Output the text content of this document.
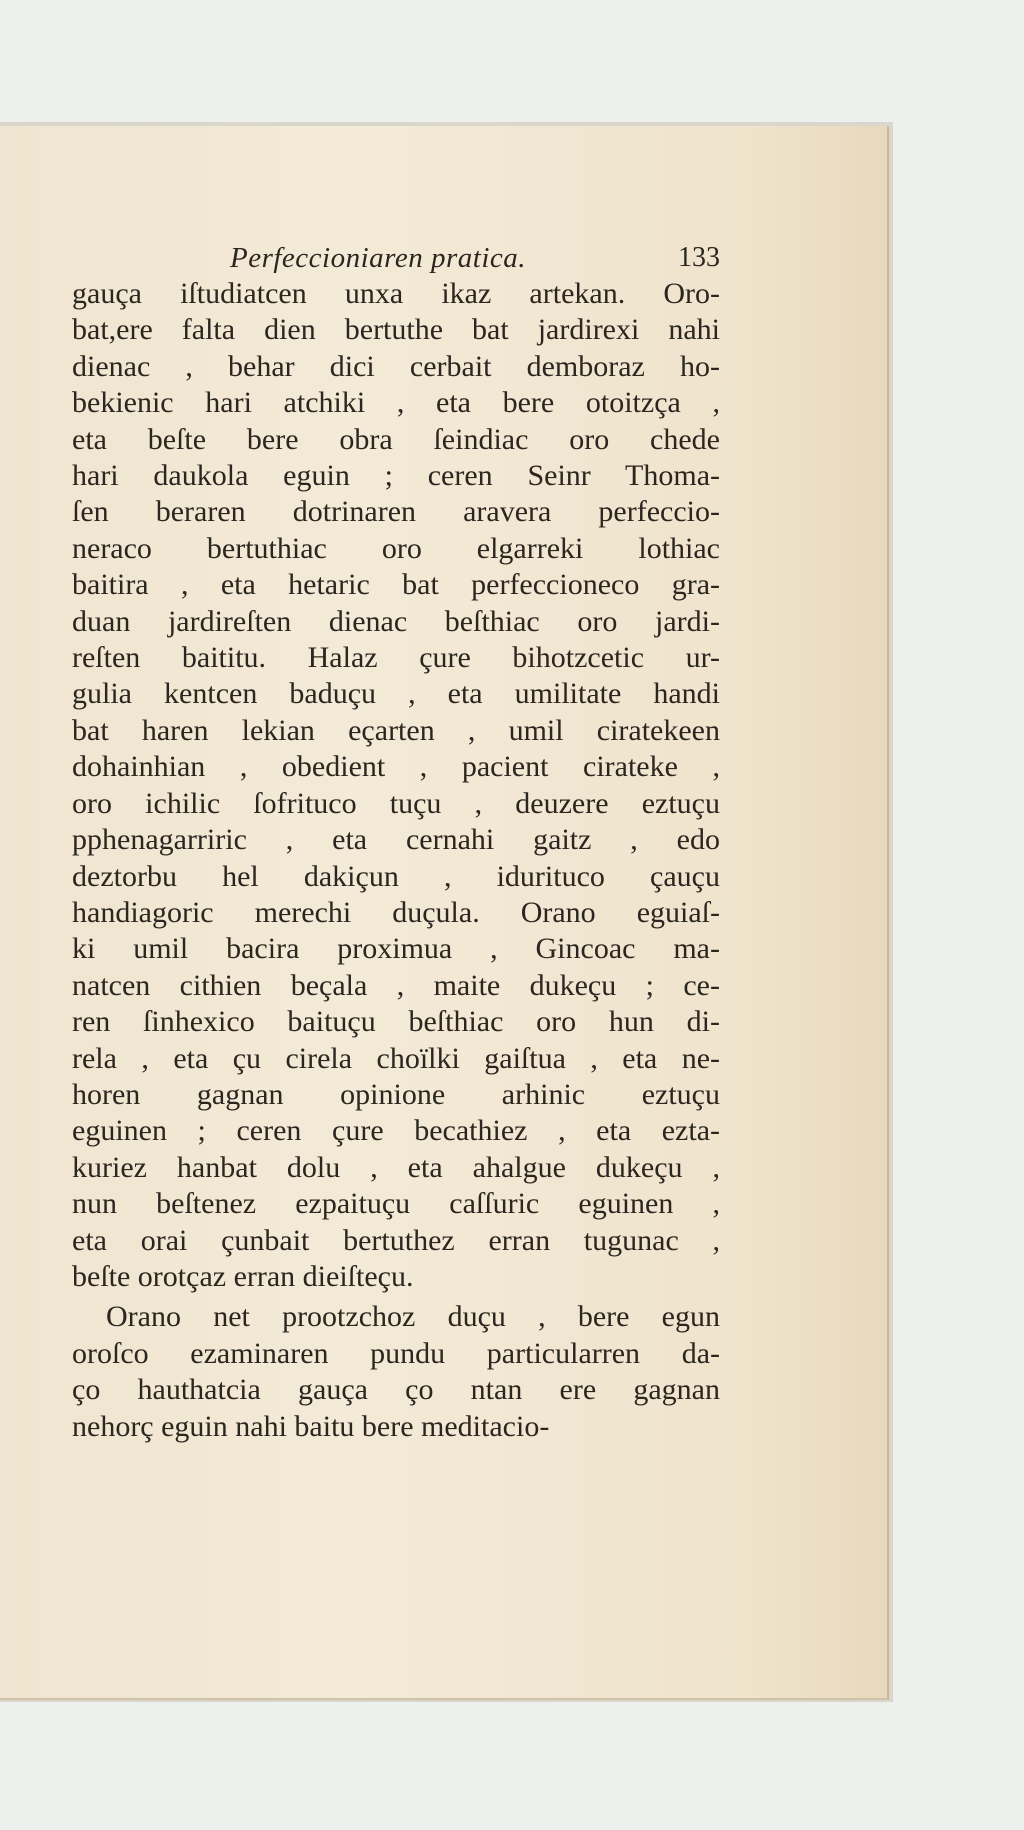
Perfeccioniaren pratica.	133
gauça iſtudiatcen unxa ikaz artekan. Oro-
bat,ere falta dien bertuthe bat jardirexi nahi
dienac , behar dici cerbait demboraz ho-
bekienic hari atchiki , eta bere otoitzça ,
eta beſte bere obra ſeindiac oro chede
hari daukola eguin ; ceren Seinr Thoma-
ſen beraren dotrinaren aravera perfeccio-
neraco bertuthiac oro elgarreki lothiac
baitira , eta hetaric bat perfeccioneco gra-
duan jardireſten dienac beſthiac oro jardi-
reſten baititu. Halaz çure bihotzcetic ur-
gulia kentcen baduçu , eta umilitate handi
bat haren lekian eçarten , umil ciratekeen
dohainhian , obedient , pacient cirateke ,
oro ichilic ſofrituco tuçu , deuzere eztuçu
pphenagarriric , eta cernahi gaitz , edo
deztorbu hel dakiçun , idurituco çauçu
handiagoric merechi duçula. Orano eguiaſ-
ki umil bacira proximua , Gincoac ma-
natcen cithien beçala , maite dukeçu ; ce-
ren ſinhexico baituçu beſthiac oro hun di-
rela , eta çu cirela choïlki gaiſtua , eta ne-
horen gagnan opinione arhinic eztuçu
eguinen ; ceren çure becathiez , eta ezta-
kuriez hanbat dolu , eta ahalgue dukeçu ,
nun beſtenez ezpaituçu caſſuric eguinen ,
eta orai çunbait bertuthez erran tugunac ,
beſte orotçaz erran dieiſteçu.
Orano net prootzchoz duçu , bere egun
oroſco ezaminaren pundu particularren da-
ço hauthatcia gauça ço ntan ere gagnan
nehorç eguin nahi baitu bere meditacio-
